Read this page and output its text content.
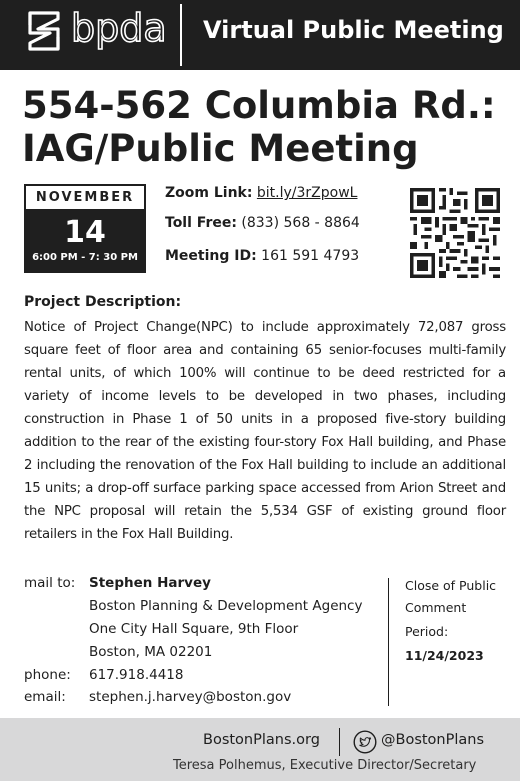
bpda Virtual Public Meeting
554-562 Columbia Rd.:
IAG/Public Meeting
NOVEMBER
14
6:00 PM - 7: 30 PM
Zoom Link: bit.ly/3rZpowL
Toll Free: (833) 568 - 8864
Meeting ID: 161 591 4793
Project Description:
Notice of Project Change(NPC) to include approximately 72,087 gross square feet of floor area and containing 65 senior-focuses multi-family rental units, of which 100% will continue to be deed restricted for a variety of income levels to be developed in two phases, including construction in Phase 1 of 50 units in a proposed five-story building addition to the rear of the existing four-story Fox Hall building, and Phase 2 including the renovation of the Fox Hall building to include an additional 15 units; a drop-off surface parking space accessed from Arion Street and the NPC proposal will retain the 5,534 GSF of existing ground floor retailers in the Fox Hall Building.
mail to: Stephen Harvey
Boston Planning & Development Agency
One City Hall Square, 9th Floor
Boston, MA 02201
phone: 617.918.4418
email: stephen.j.harvey@boston.gov
Close of Public
Comment
Period:
11/24/2023
BostonPlans.org	@BostonPlans
Teresa Polhemus, Executive Director/Secretary
